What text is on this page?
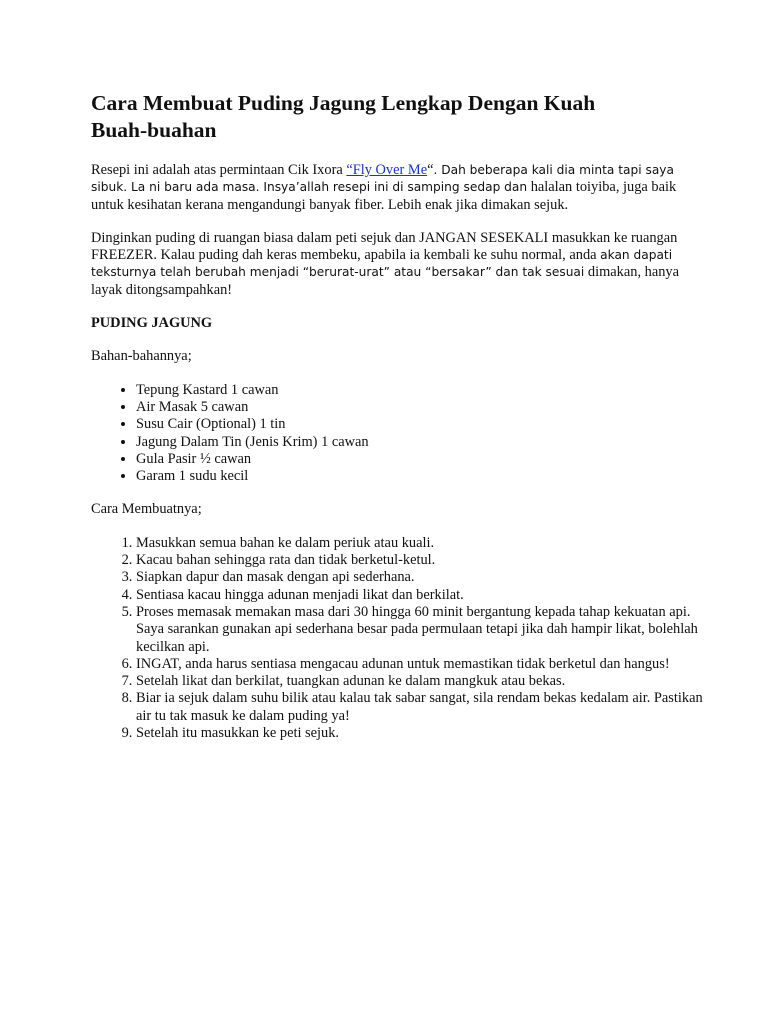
Cara Membuat Puding Jagung Lengkap Dengan Kuah Buah-buahan

Resepi ini adalah atas permintaan Cik Ixora “Fly Over Me“. Dah beberapa kali dia minta tapi saya sibuk. La ni baru ada masa. Insya’allah resepi ini di samping sedap dan halalan toiyiba, juga baik untuk kesihatan kerana mengandungi banyak fiber. Lebih enak jika dimakan sejuk.

Dinginkan puding di ruangan biasa dalam peti sejuk dan JANGAN SESEKALI masukkan ke ruangan FREEZER. Kalau puding dah keras membeku, apabila ia kembali ke suhu normal, anda akan dapati teksturnya telah berubah menjadi “berurat-urat” atau “bersakar” dan tak sesuai dimakan, hanya layak ditongsampahkan!

PUDING JAGUNG

Bahan-bahannya;

• Tepung Kastard 1 cawan
• Air Masak 5 cawan
• Susu Cair (Optional) 1 tin
• Jagung Dalam Tin (Jenis Krim) 1 cawan
• Gula Pasir ½ cawan
• Garam 1 sudu kecil

Cara Membuatnya;

1. Masukkan semua bahan ke dalam periuk atau kuali.
2. Kacau bahan sehingga rata dan tidak berketul-ketul.
3. Siapkan dapur dan masak dengan api sederhana.
4. Sentiasa kacau hingga adunan menjadi likat dan berkilat.
5. Proses memasak memakan masa dari 30 hingga 60 minit bergantung kepada tahap kekuatan api. Saya sarankan gunakan api sederhana besar pada permulaan tetapi jika dah hampir likat, bolehlah kecilkan api.
6. INGAT, anda harus sentiasa mengacau adunan untuk memastikan tidak berketul dan hangus!
7. Setelah likat dan berkilat, tuangkan adunan ke dalam mangkuk atau bekas.
8. Biar ia sejuk dalam suhu bilik atau kalau tak sabar sangat, sila rendam bekas kedalam air. Pastikan air tu tak masuk ke dalam puding ya!
9. Setelah itu masukkan ke peti sejuk.
